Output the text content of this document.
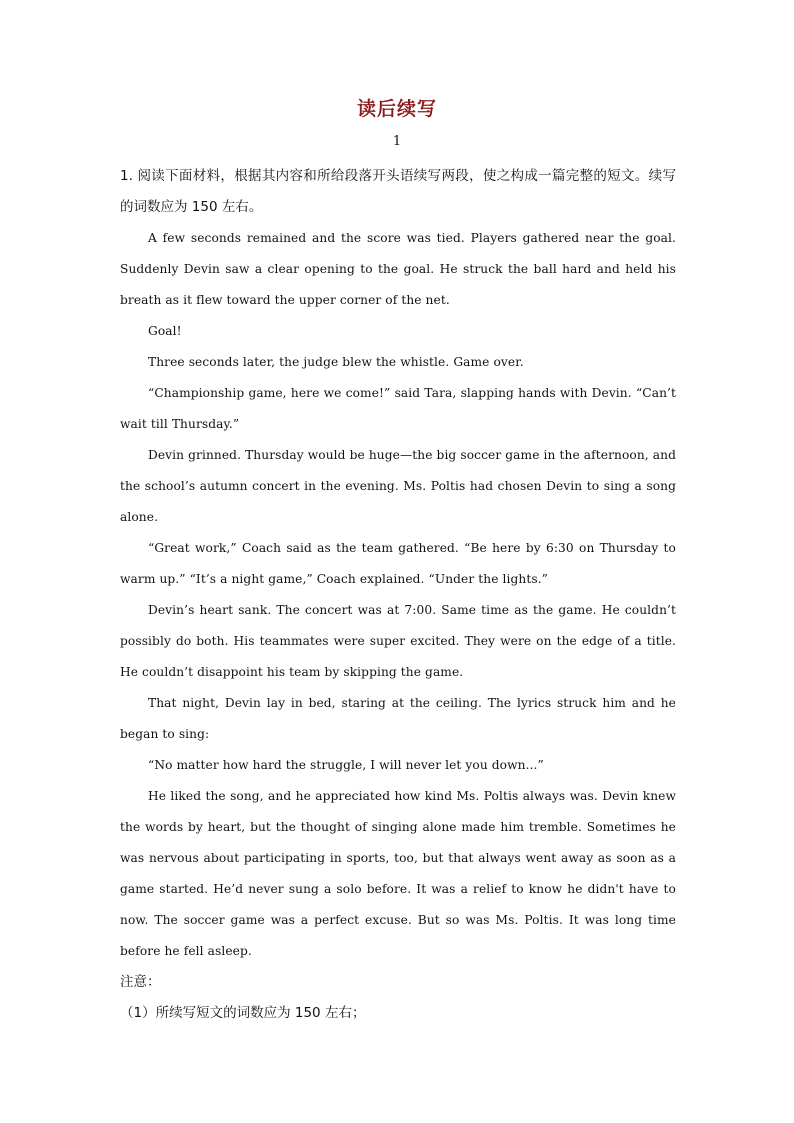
读后续写
1

1. 阅读下面材料，根据其内容和所给段落开头语续写两段，使之构成一篇完整的短文。续写的词数应为 150 左右。

A few seconds remained and the score was tied. Players gathered near the goal. Suddenly Devin saw a clear opening to the goal. He struck the ball hard and held his breath as it flew toward the upper corner of the net.

Goal!

Three seconds later, the judge blew the whistle. Game over.

“Championship game, here we come!” said Tara, slapping hands with Devin. “Can’t wait till Thursday.”

Devin grinned. Thursday would be huge—the big soccer game in the afternoon, and the school’s autumn concert in the evening. Ms. Poltis had chosen Devin to sing a song alone.

“Great work,” Coach said as the team gathered. “Be here by 6:30 on Thursday to warm up.” “It’s a night game,” Coach explained. “Under the lights.”

Devin’s heart sank. The concert was at 7:00. Same time as the game. He couldn’t possibly do both. His teammates were super excited. They were on the edge of a title. He couldn’t disappoint his team by skipping the game.

That night, Devin lay in bed, staring at the ceiling. The lyrics struck him and he began to sing:

“No matter how hard the struggle, I will never let you down...”

He liked the song, and he appreciated how kind Ms. Poltis always was. Devin knew the words by heart, but the thought of singing alone made him tremble. Sometimes he was nervous about participating in sports, too, but that always went away as soon as a game started. He’d never sung a solo before. It was a relief to know he didn't have to now. The soccer game was a perfect excuse. But so was Ms. Poltis. It was long time before he fell asleep.

注意：

（1）所续写短文的词数应为 150 左右；
